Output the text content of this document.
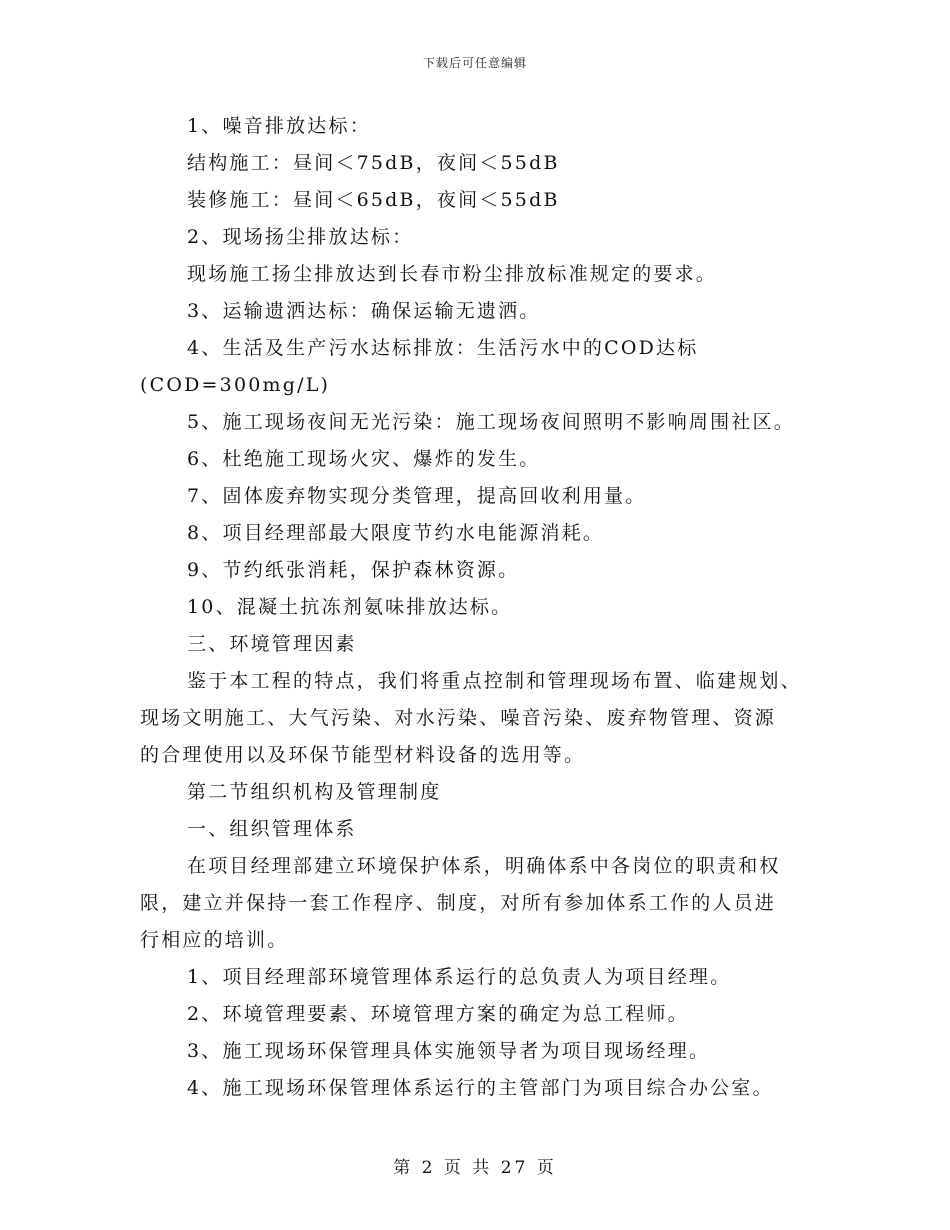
下载后可任意编辑

1、噪音排放达标：

结构施工：昼间＜75dB，夜间＜55dB

装修施工：昼间＜65dB，夜间＜55dB

2、现场扬尘排放达标：

现场施工扬尘排放达到长春市粉尘排放标准规定的要求。

3、运输遗洒达标：确保运输无遗洒。

4、生活及生产污水达标排放：生活污水中的COD达标

(COD=300mg/L)

5、施工现场夜间无光污染：施工现场夜间照明不影响周围社区。

6、杜绝施工现场火灾、爆炸的发生。

7、固体废弃物实现分类管理，提高回收利用量。

8、项目经理部最大限度节约水电能源消耗。

9、节约纸张消耗，保护森林资源。

10、混凝土抗冻剂氨味排放达标。

三、环境管理因素

鉴于本工程的特点，我们将重点控制和管理现场布置、临建规划、

现场文明施工、大气污染、对水污染、噪音污染、废弃物管理、资源

的合理使用以及环保节能型材料设备的选用等。

第二节组织机构及管理制度

一、组织管理体系

在项目经理部建立环境保护体系，明确体系中各岗位的职责和权

限，建立并保持一套工作程序、制度，对所有参加体系工作的人员进

行相应的培训。

1、项目经理部环境管理体系运行的总负责人为项目经理。

2、环境管理要素、环境管理方案的确定为总工程师。

3、施工现场环保管理具体实施领导者为项目现场经理。

4、施工现场环保管理体系运行的主管部门为项目综合办公室。

第 2 页 共 27 页
